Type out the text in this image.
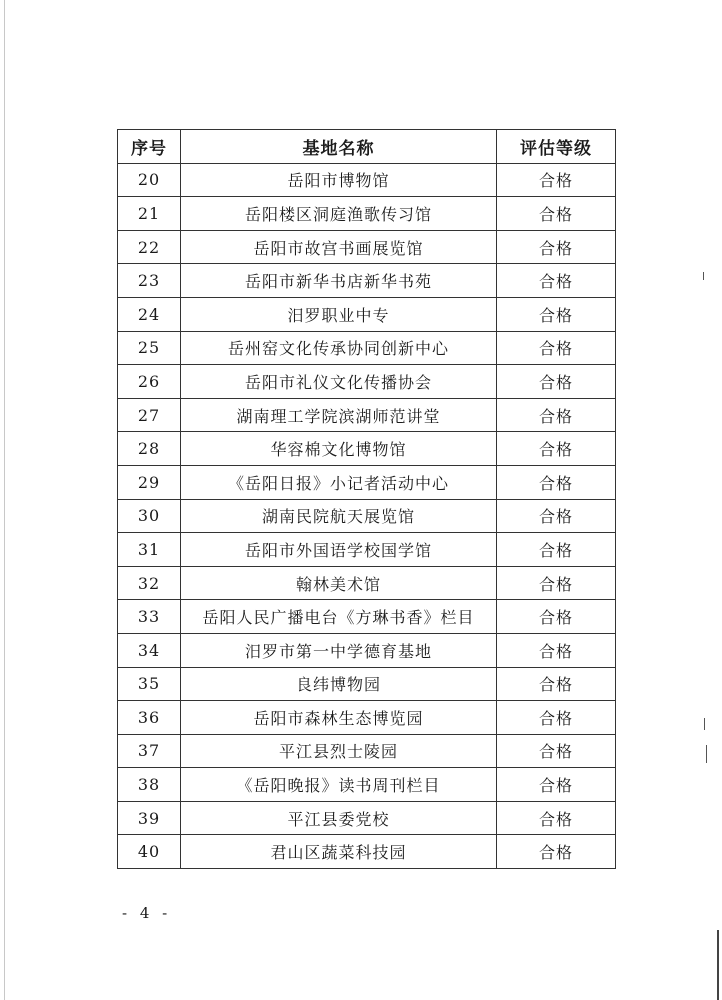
序号	基地名称	评估等级
20	岳阳市博物馆	合格
21	岳阳楼区洞庭渔歌传习馆	合格
22	岳阳市故宫书画展览馆	合格
23	岳阳市新华书店新华书苑	合格
24	汨罗职业中专	合格
25	岳州窑文化传承协同创新中心	合格
26	岳阳市礼仪文化传播协会	合格
27	湖南理工学院滨湖师范讲堂	合格
28	华容棉文化博物馆	合格
29	《岳阳日报》小记者活动中心	合格
30	湖南民院航天展览馆	合格
31	岳阳市外国语学校国学馆	合格
32	翰林美术馆	合格
33	岳阳人民广播电台《方琳书香》栏目	合格
34	汨罗市第一中学德育基地	合格
35	良纬博物园	合格
36	岳阳市森林生态博览园	合格
37	平江县烈士陵园	合格
38	《岳阳晚报》读书周刊栏目	合格
39	平江县委党校	合格
40	君山区蔬菜科技园	合格
- 4 -
